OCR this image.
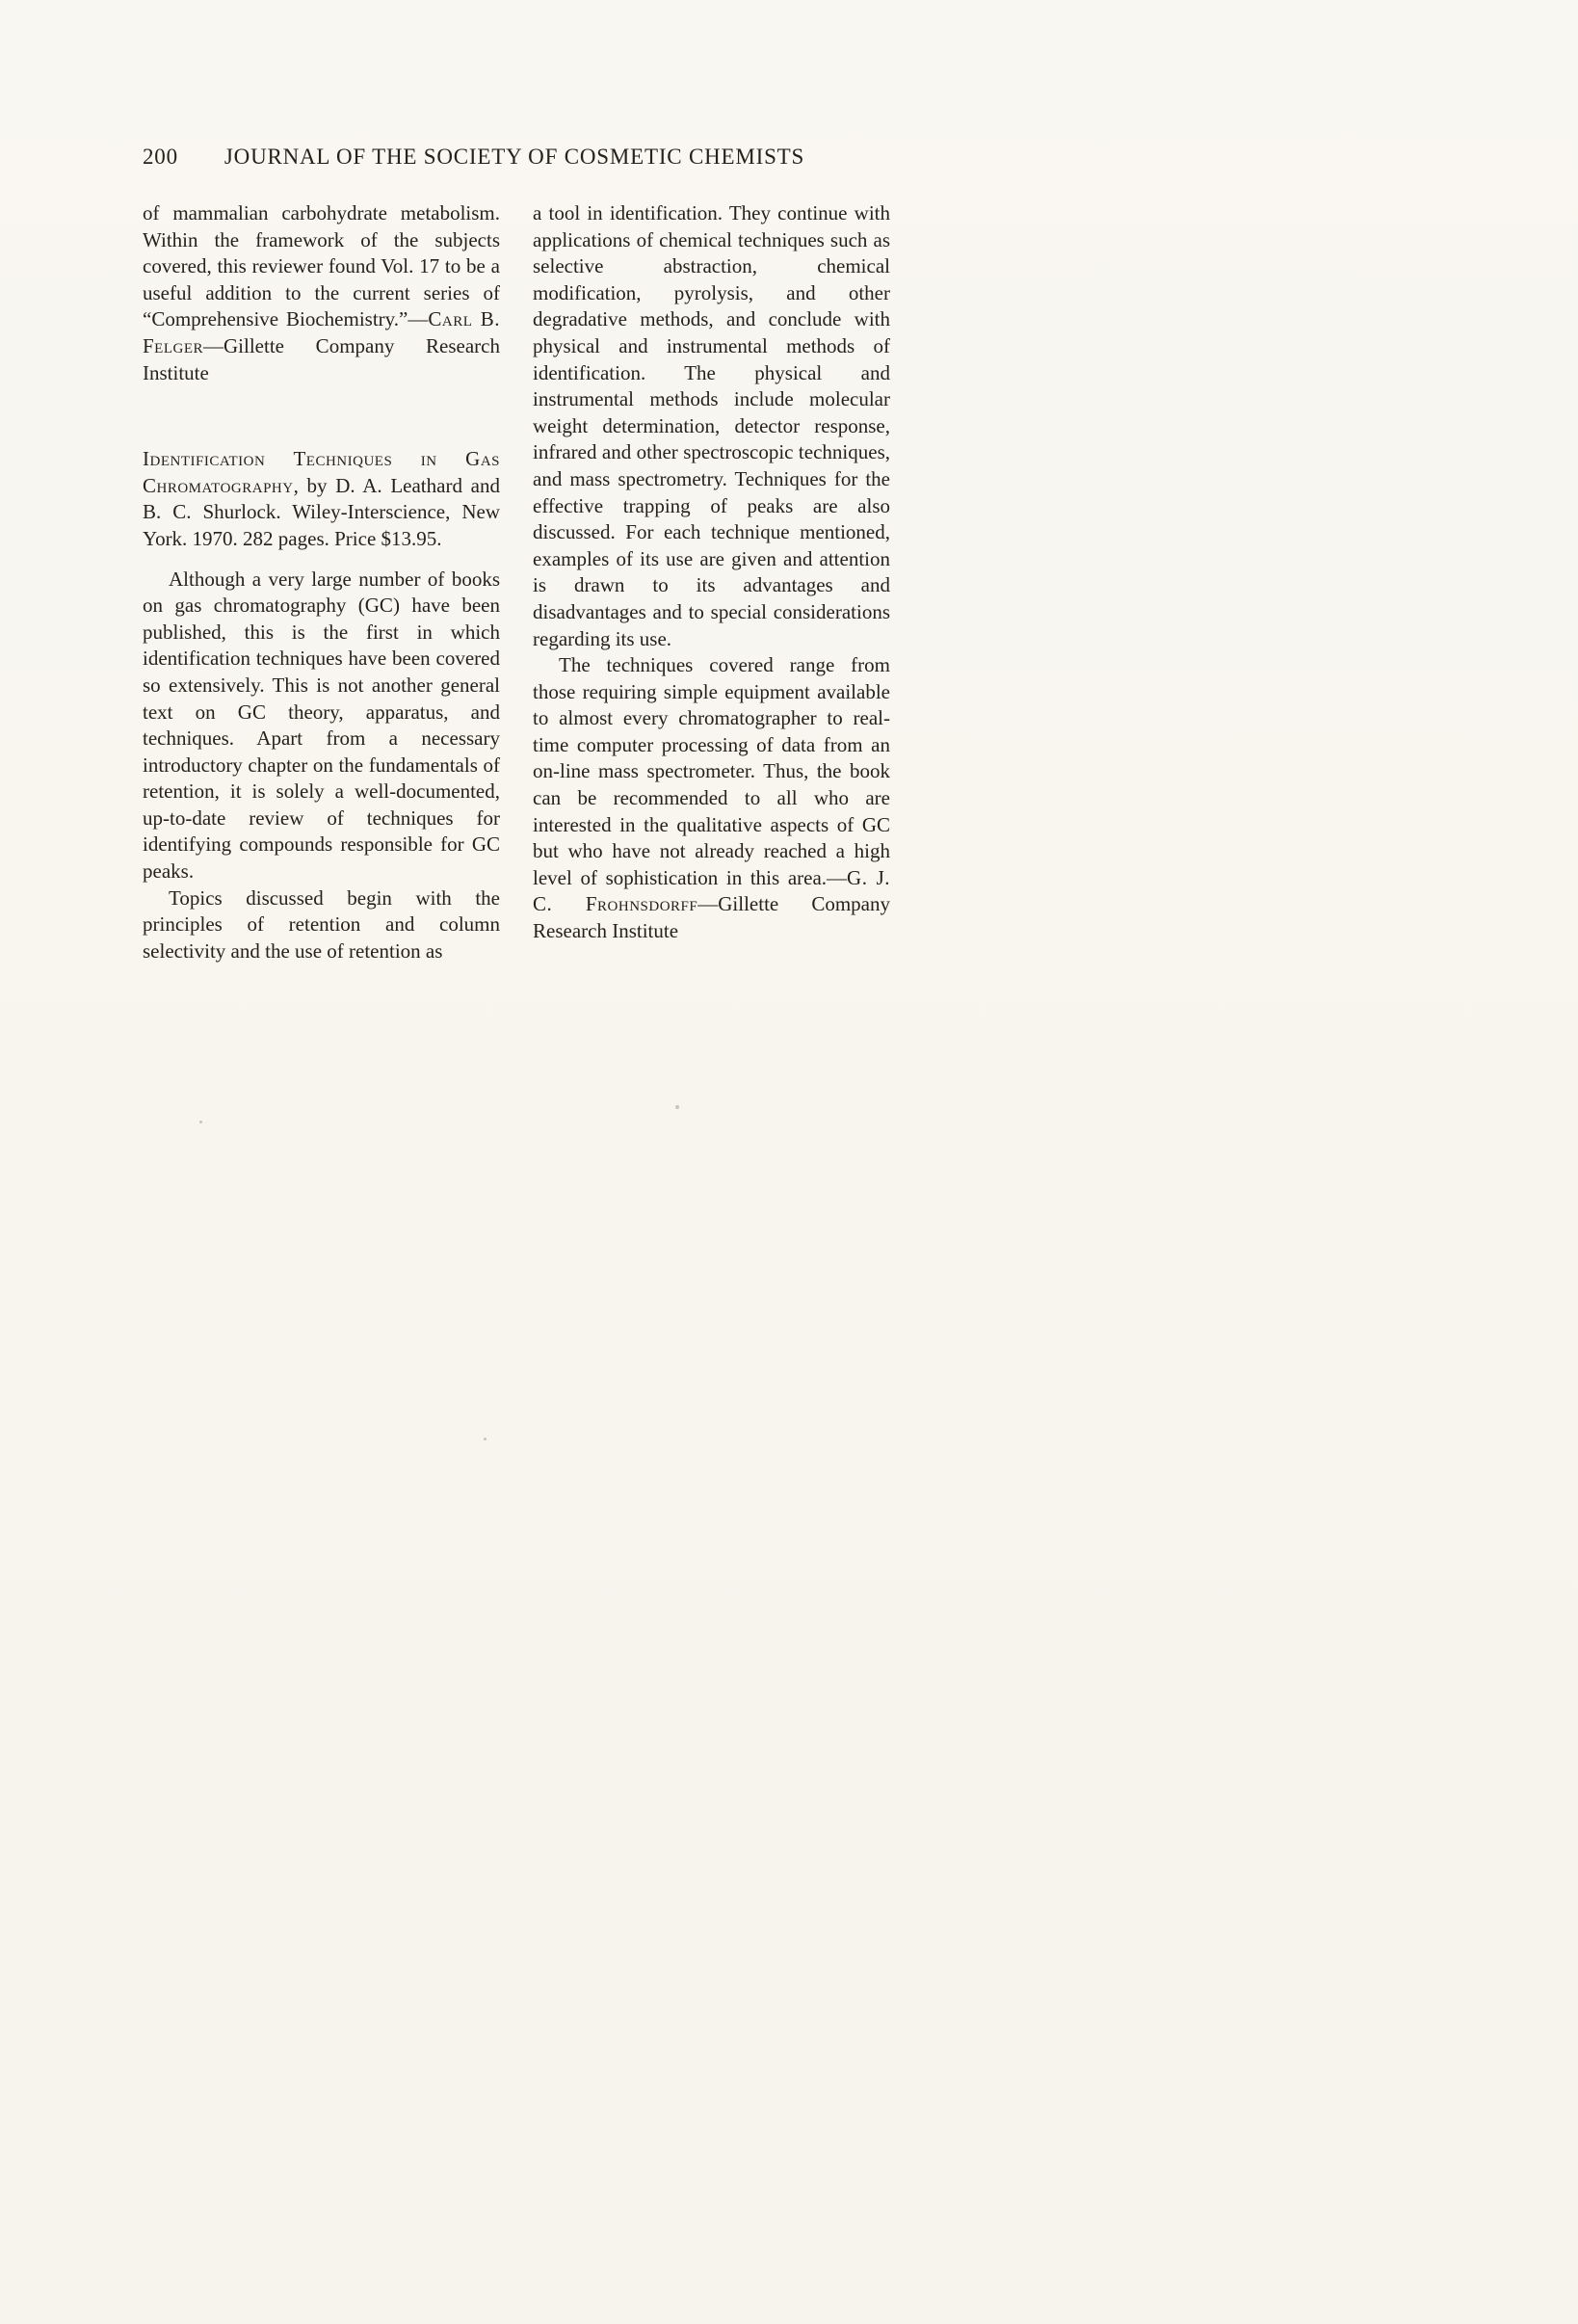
200 JOURNAL OF THE SOCIETY OF COSMETIC CHEMISTS

of mammalian carbohydrate metabolism. Within the framework of the subjects covered, this reviewer found Vol. 17 to be a useful addition to the current series of “Comprehensive Biochemistry.”—Carl B. Felger—Gillette Company Research Institute

Identification Techniques in Gas Chromatography, by D. A. Leathard and B. C. Shurlock. Wiley-Interscience, New York. 1970. 282 pages. Price $13.95.

Although a very large number of books on gas chromatography (GC) have been published, this is the first in which identification techniques have been covered so extensively. This is not another general text on GC theory, apparatus, and techniques. Apart from a necessary introductory chapter on the fundamentals of retention, it is solely a well-documented, up-to-date review of techniques for identifying compounds responsible for GC peaks.

Topics discussed begin with the principles of retention and column selectivity and the use of retention as

a tool in identification. They continue with applications of chemical techniques such as selective abstraction, chemical modification, pyrolysis, and other degradative methods, and conclude with physical and instrumental methods of identification. The physical and instrumental methods include molecular weight determination, detector response, infrared and other spectroscopic techniques, and mass spectrometry. Techniques for the effective trapping of peaks are also discussed. For each technique mentioned, examples of its use are given and attention is drawn to its advantages and disadvantages and to special considerations regarding its use.

The techniques covered range from those requiring simple equipment available to almost every chromatographer to real-time computer processing of data from an on-line mass spectrometer. Thus, the book can be recommended to all who are interested in the qualitative aspects of GC but who have not already reached a high level of sophistication in this area.—G. J. C. Frohnsdorff—Gillette Company Research Institute
